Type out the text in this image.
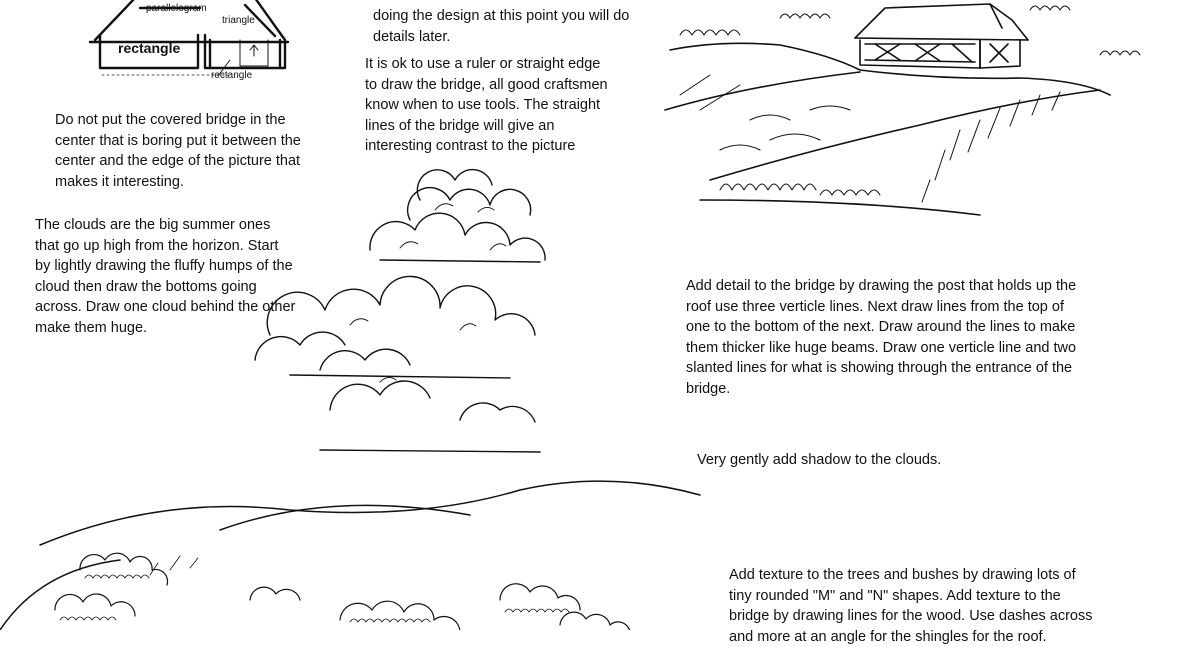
parallelogram
triangle
rectangle
rectangle

doing the design at this point you will do
details later.

It is ok to use a ruler or straight edge
to draw the bridge, all good craftsmen
know when to use tools. The straight
lines of the bridge will give an
interesting contrast to the picture

Do not put the covered bridge in the
center that is boring put it between the
center and the edge of the picture that
makes it interesting.

The clouds are the big summer ones
that go up high from the horizon. Start
by lightly drawing the fluffy humps of the
cloud then draw the bottoms going
across. Draw one cloud behind the other
make them huge.

Add detail to the bridge by drawing the post that holds up the
roof use three verticle lines. Next draw lines from the top of
one to the bottom of the next. Draw around the lines to make
them thicker like huge beams. Draw one verticle line and two
slanted lines for what is showing through the entrance of the
bridge.

Very gently add shadow to the clouds.

Add texture to the trees and bushes by drawing lots of
tiny rounded "M" and "N" shapes. Add texture to the
bridge by drawing lines for the wood. Use dashes across
and more at an angle for the shingles for the roof.
